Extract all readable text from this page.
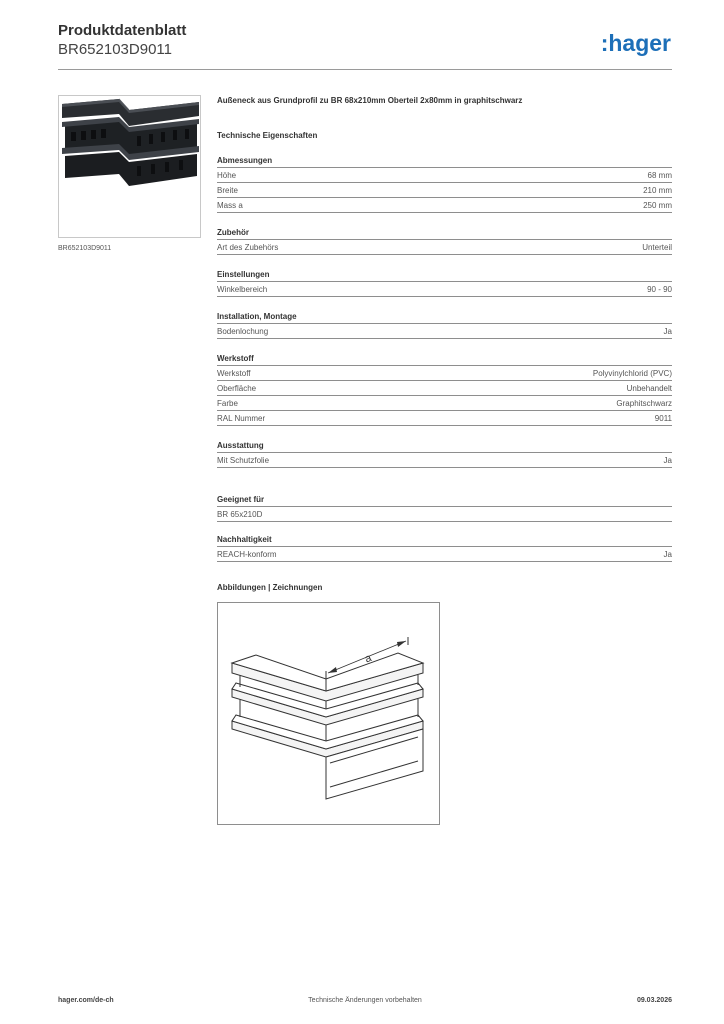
Produktdatenblatt
BR652103D9011	:hager
BR652103D9011
Außeneck aus Grundprofil zu BR 68x210mm Oberteil 2x80mm in graphitschwarz
Technische Eigenschaften
Abmessungen
Höhe	68 mm
Breite	210 mm
Mass a	250 mm
Zubehör
Art des Zubehörs	Unterteil
Einstellungen
Winkelbereich	90 - 90
Installation, Montage
Bodenlochung	Ja
Werkstoff
Werkstoff	Polyvinylchlorid (PVC)
Oberfläche	Unbehandelt
Farbe	Graphitschwarz
RAL Nummer	9011
Ausstattung
Mit Schutzfolie	Ja
Geeignet für
BR 65x210D
Nachhaltigkeit
REACH-konform	Ja
Abbildungen | Zeichnungen
a
hager.com/de-ch	Technische Änderungen vorbehalten	09.03.2026
